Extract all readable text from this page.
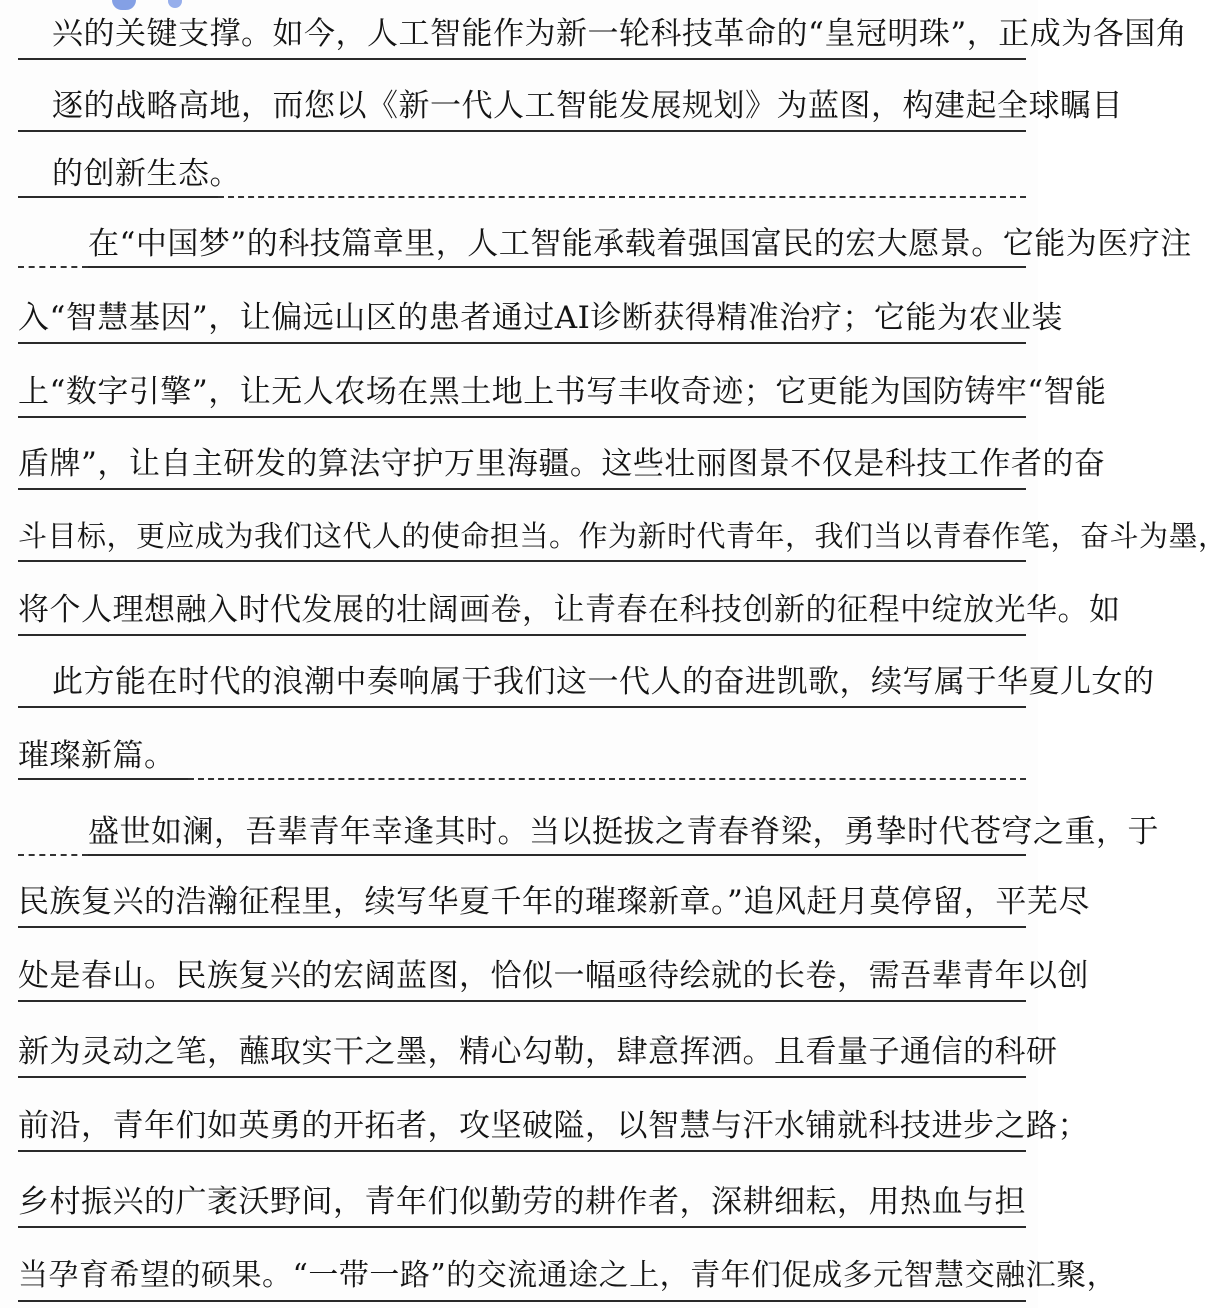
兴的关键支撑。如今，人工智能作为新一轮科技革命的“皇冠明珠”，正成为各国角
逐的战略高地，而您以《新一代人工智能发展规划》为蓝图，构建起全球瞩目
的创新生态。
在“中国梦”的科技篇章里，人工智能承载着强国富民的宏大愿景。它能为医疗注
入“智慧基因”，让偏远山区的患者通过AI诊断获得精准治疗；它能为农业装
上“数字引擎”，让无人农场在黑土地上书写丰收奇迹；它更能为国防铸牢“智能
盾牌”，让自主研发的算法守护万里海疆。这些壮丽图景不仅是科技工作者的奋
斗目标，更应成为我们这代人的使命担当。作为新时代青年，我们当以青春作笔，奋斗为墨，
将个人理想融入时代发展的壮阔画卷，让青春在科技创新的征程中绽放光华。如
此方能在时代的浪潮中奏响属于我们这一代人的奋进凯歌，续写属于华夏儿女的
璀璨新篇。
盛世如澜，吾辈青年幸逢其时。当以挺拔之青春脊梁，勇挚时代苍穹之重，于
民族复兴的浩瀚征程里，续写华夏千年的璀璨新章。”追风赶月莫停留，平芜尽
处是春山。民族复兴的宏阔蓝图，恰似一幅亟待绘就的长卷，需吾辈青年以创
新为灵动之笔，蘸取实干之墨，精心勾勒，肆意挥洒。且看量子通信的科研
前沿，青年们如英勇的开拓者，攻坚破隘，以智慧与汗水铺就科技进步之路；
乡村振兴的广袤沃野间，青年们似勤劳的耕作者，深耕细耘，用热血与担
当孕育希望的硕果。“一带一路”的交流通途之上，青年们促成多元智慧交融汇聚，
